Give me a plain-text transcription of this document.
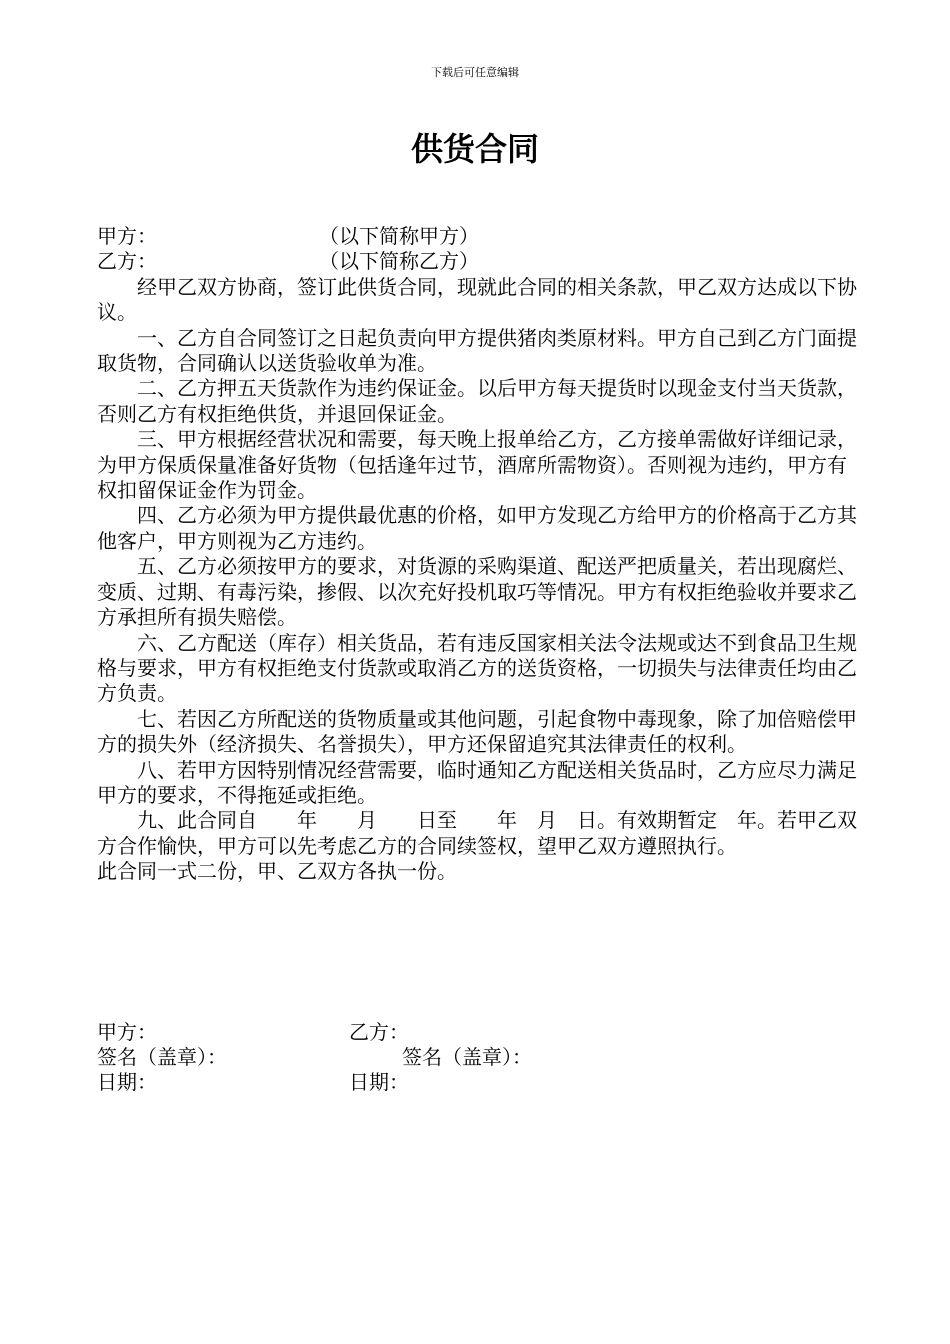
下载后可任意编辑
供货合同
甲方：	（以下简称甲方）
乙方：	（以下简称乙方）

经甲乙双方协商，签订此供货合同，现就此合同的相关条款，甲乙双方达成以下协议。

一、乙方自合同签订之日起负责向甲方提供猪肉类原材料。甲方自己到乙方门面提取货物，合同确认以送货验收单为准。

二、乙方押五天货款作为违约保证金。以后甲方每天提货时以现金支付当天货款，否则乙方有权拒绝供货，并退回保证金。

三、甲方根据经营状况和需要，每天晚上报单给乙方，乙方接单需做好详细记录，为甲方保质保量准备好货物（包括逢年过节，酒席所需物资）。否则视为违约，甲方有权扣留保证金作为罚金。

四、乙方必须为甲方提供最优惠的价格，如甲方发现乙方给甲方的价格高于乙方其他客户，甲方则视为乙方违约。

五、乙方必须按甲方的要求，对货源的采购渠道、配送严把质量关，若出现腐烂、变质、过期、有毒污染，掺假、以次充好投机取巧等情况。甲方有权拒绝验收并要求乙方承担所有损失赔偿。

六、乙方配送（库存）相关货品，若有违反国家相关法令法规或达不到食品卫生规格与要求，甲方有权拒绝支付货款或取消乙方的送货资格，一切损失与法律责任均由乙方负责。

七、若因乙方所配送的货物质量或其他问题，引起食物中毒现象，除了加倍赔偿甲方的损失外（经济损失、名誉损失），甲方还保留追究其法律责任的权利。

八、若甲方因特别情况经营需要，临时通知乙方配送相关货品时，乙方应尽力满足甲方的要求，不得拖延或拒绝。

九、此合同自　　年　　月　　日至　　年　月　日。有效期暂定　年。若甲乙双方合作愉快，甲方可以先考虑乙方的合同续签权，望甲乙双方遵照执行。

此合同一式二份，甲、乙双方各执一份。

甲方：	乙方：
签名（盖章）：	签名（盖章）：
日期：	日期：
